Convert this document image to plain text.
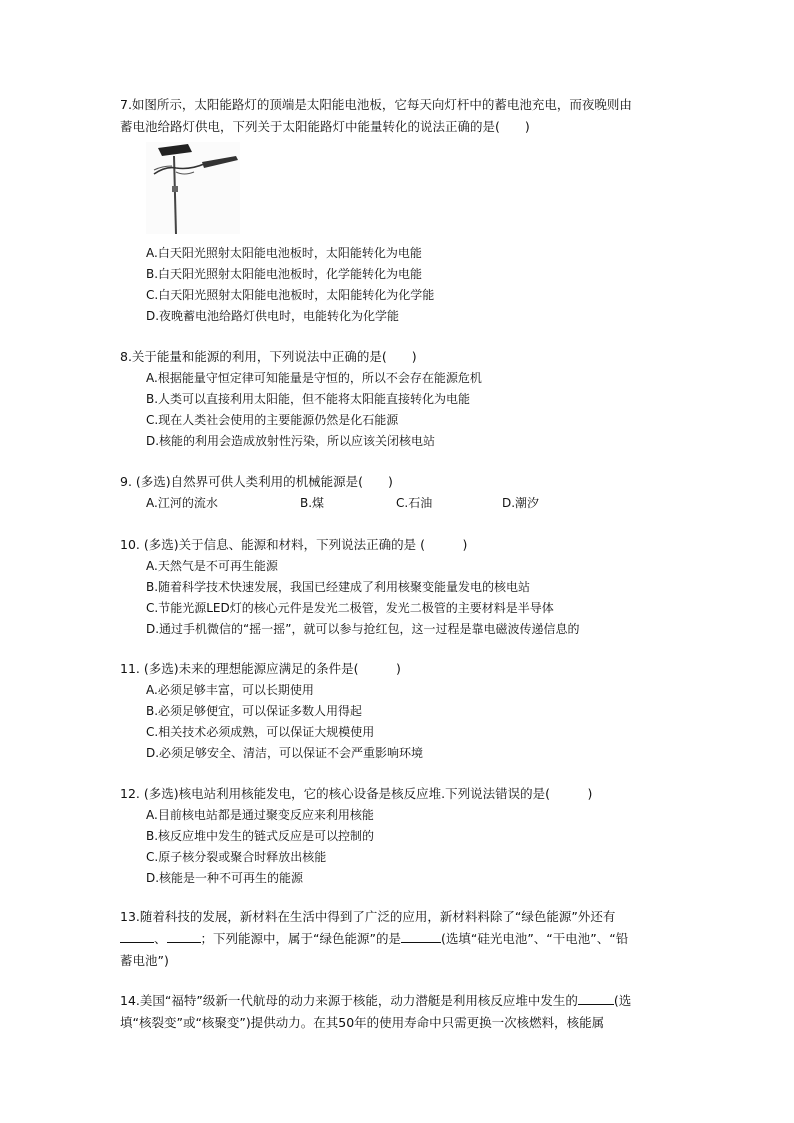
7.如图所示，太阳能路灯的顶端是太阳能电池板，它每天向灯杆中的蓄电池充电，而夜晚则由
蓄电池给路灯供电，下列关于太阳能路灯中能量转化的说法正确的是(　　)
A.白天阳光照射太阳能电池板时，太阳能转化为电能
B.白天阳光照射太阳能电池板时，化学能转化为电能
C.白天阳光照射太阳能电池板时，太阳能转化为化学能
D.夜晚蓄电池给路灯供电时，电能转化为化学能
8.关于能量和能源的利用，下列说法中正确的是(　　)
A.根据能量守恒定律可知能量是守恒的，所以不会存在能源危机
B.人类可以直接利用太阳能，但不能将太阳能直接转化为电能
C.现在人类社会使用的主要能源仍然是化石能源
D.核能的利用会造成放射性污染，所以应该关闭核电站
9. (多选)自然界可供人类利用的机械能源是(　　)
A.江河的流水	B.煤	C.石油	D.潮汐
10. (多选)关于信息、能源和材料，下列说法正确的是 (　　　)
A.天然气是不可再生能源
B.随着科学技术快速发展，我国已经建成了利用核聚变能量发电的核电站
C.节能光源LED灯的核心元件是发光二极管，发光二极管的主要材料是半导体
D.通过手机微信的“摇一摇”，就可以参与抢红包，这一过程是靠电磁波传递信息的
11. (多选)未来的理想能源应满足的条件是(　　　)
A.必须足够丰富，可以长期使用
B.必须足够便宜，可以保证多数人用得起
C.相关技术必须成熟，可以保证大规模使用
D.必须足够安全、清洁，可以保证不会严重影响环境
12. (多选)核电站利用核能发电，它的核心设备是核反应堆.下列说法错误的是(　　　)
A.目前核电站都是通过聚变反应来利用核能
B.核反应堆中发生的链式反应是可以控制的
C.原子核分裂或聚合时释放出核能
D.核能是一种不可再生的能源
13.随着科技的发展，新材料在生活中得到了广泛的应用，新材料料除了“绿色能源”外还有
、	；下列能源中，属于“绿色能源”的是	(选填“硅光电池”、“干电池”、“铅
蓄电池”)
14.美国“福特”级新一代航母的动力来源于核能，动力潜艇是利用核反应堆中发生的	(选
填“核裂变”或“核聚变”)提供动力。在其50年的使用寿命中只需更换一次核燃料，核能属
